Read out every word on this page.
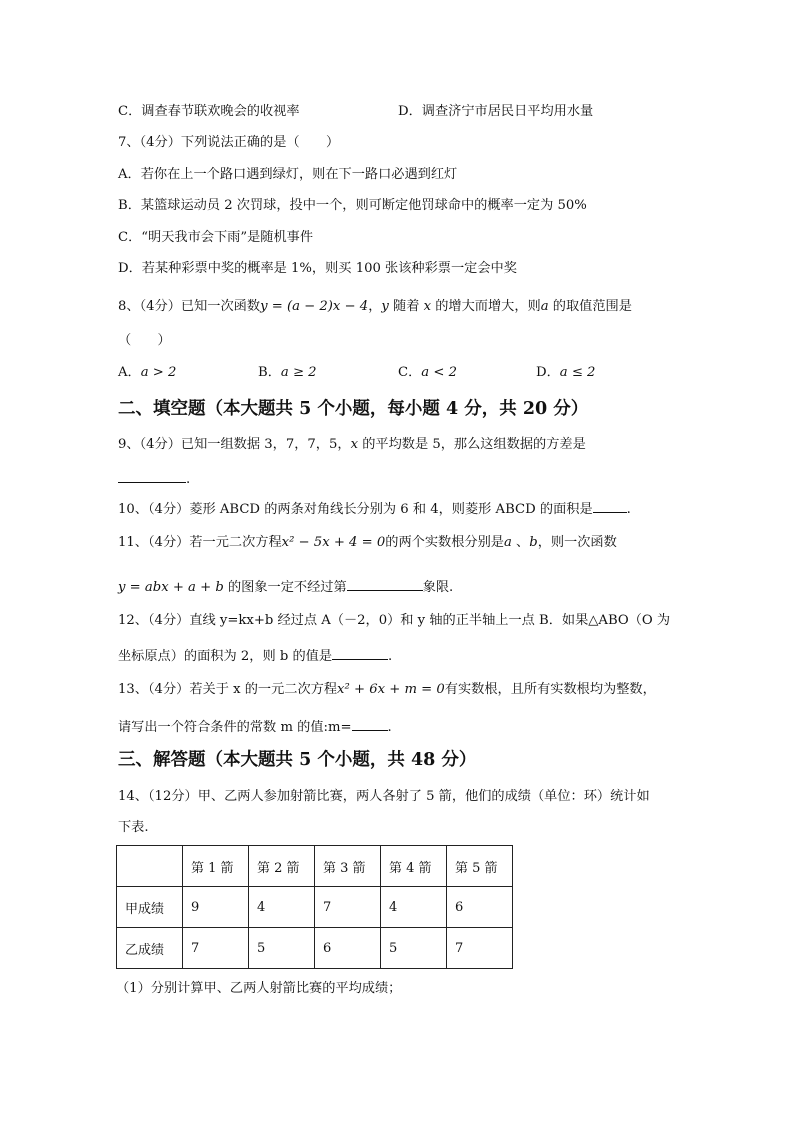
C．调查春节联欢晚会的收视率	D．调查济宁市居民日平均用水量
7、（4分）下列说法正确的是（　　）
A．若你在上一个路口遇到绿灯，则在下一路口必遇到红灯
B．某篮球运动员 2 次罚球，投中一个，则可断定他罚球命中的概率一定为 50%
C．“明天我市会下雨”是随机事件
D．若某种彩票中奖的概率是 1%，则买 100 张该种彩票一定会中奖
8、（4分）已知一次函数y = (a − 2)x − 4，y 随着 x 的增大而增大，则a 的取值范围是
（　　）
A．a > 2	B．a ≥ 2	C．a < 2	D．a ≤ 2
二、填空题（本大题共 5 个小题，每小题 4 分，共 20 分）
9、（4分）已知一组数据 3，7，7，5，x 的平均数是 5，那么这组数据的方差是
.
10、（4分）菱形 ABCD 的两条对角线长分别为 6 和 4，则菱形 ABCD 的面积是	.
11、（4分）若一元二次方程x² − 5x + 4 = 0的两个实数根分别是a 、b，则一次函数
y = abx + a + b 的图象一定不经过第	象限.
12、（4分）直线 y=kx+b 经过点 A（－2，0）和 y 轴的正半轴上一点 B．如果△ABO（O 为
坐标原点）的面积为 2，则 b 的值是	.
13、（4分）若关于 x 的一元二次方程x² + 6x + m = 0有实数根，且所有实数根均为整数，
请写出一个符合条件的常数 m 的值:m=	.
三、解答题（本大题共 5 个小题，共 48 分）
14、（12分）甲、乙两人参加射箭比赛，两人各射了 5 箭，他们的成绩（单位：环）统计如
下表.
	第 1 箭	第 2 箭	第 3 箭	第 4 箭	第 5 箭
甲成绩	9	4	7	4	6
乙成绩	7	5	6	5	7
（1）分别计算甲、乙两人射箭比赛的平均成绩；
